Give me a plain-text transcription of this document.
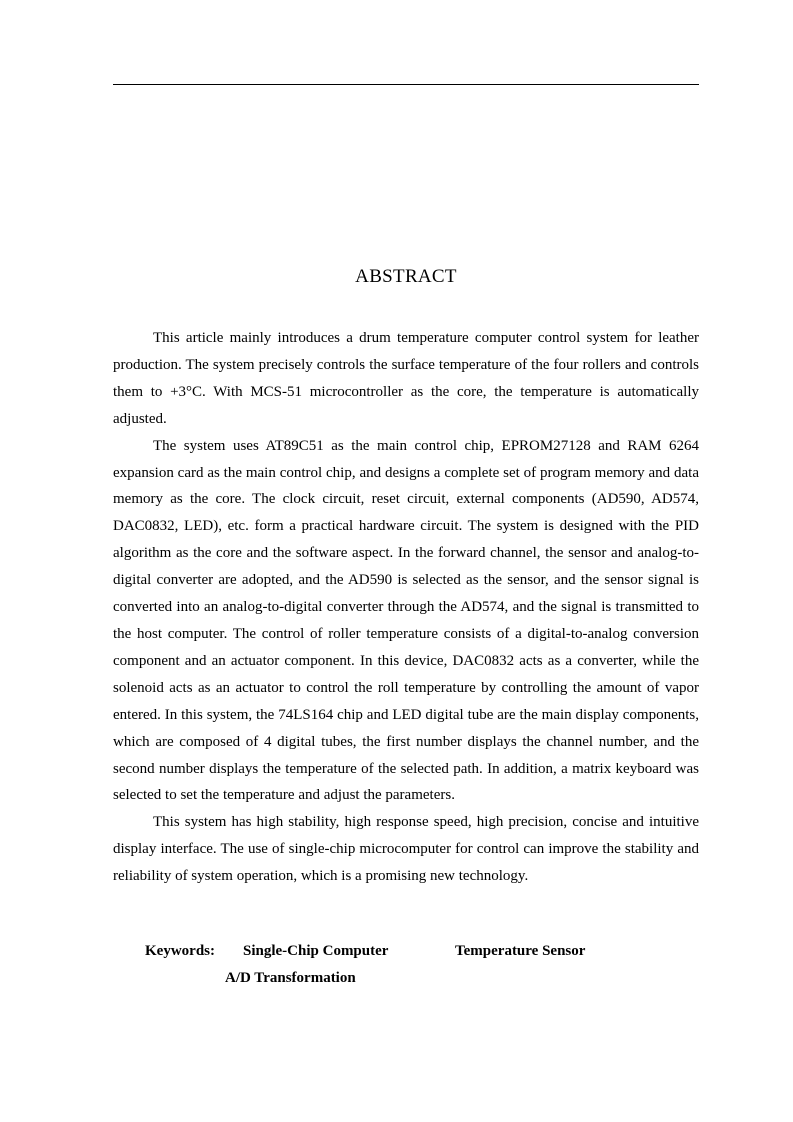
ABSTRACT

This article mainly introduces a drum temperature computer control system for leather production. The system precisely controls the surface temperature of the four rollers and controls them to +3°C. With MCS-51 microcontroller as the core, the temperature is automatically adjusted.

The system uses AT89C51 as the main control chip, EPROM27128 and RAM 6264 expansion card as the main control chip, and designs a complete set of program memory and data memory as the core. The clock circuit, reset circuit, external components (AD590, AD574, DAC0832, LED), etc. form a practical hardware circuit. The system is designed with the PID algorithm as the core and the software aspect. In the forward channel, the sensor and analog-to-digital converter are adopted, and the AD590 is selected as the sensor, and the sensor signal is converted into an analog-to-digital converter through the AD574, and the signal is transmitted to the host computer. The control of roller temperature consists of a digital-to-analog conversion component and an actuator component. In this device, DAC0832 acts as a converter, while the solenoid acts as an actuator to control the roll temperature by controlling the amount of vapor entered. In this system, the 74LS164 chip and LED digital tube are the main display components, which are composed of 4 digital tubes, the first number displays the channel number, and the second number displays the temperature of the selected path. In addition, a matrix keyboard was selected to set the temperature and adjust the parameters.

This system has high stability, high response speed, high precision, concise and intuitive display interface. The use of single-chip microcomputer for control can improve the stability and reliability of system operation, which is a promising new technology.

Keywords: Single-Chip Computer	Temperature Sensor
A/D Transformation
